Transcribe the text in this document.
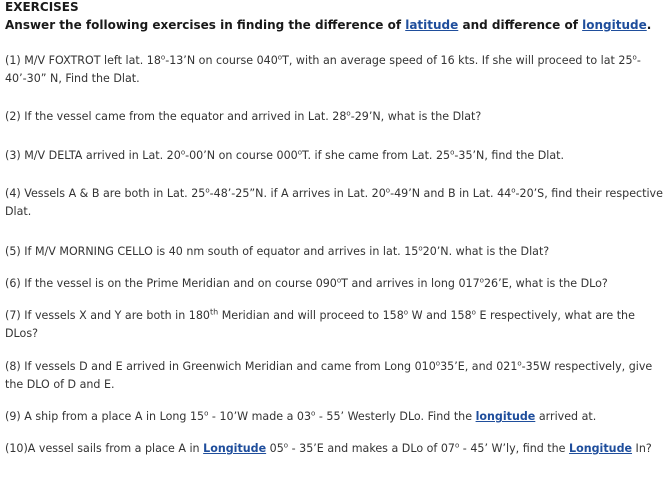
EXERCISES

Answer the following exercises in finding the difference of latitude and difference of longitude.

(1) M/V FOXTROT left lat. 18$^o$-13’N on course 040$^o$T, with an average speed of 16 kts. If she will proceed to lat 25$^o$-40’-30” N, Find the Dlat.

(2) If the vessel came from the equator and arrived in Lat. 28$^o$-29’N, what is the Dlat?

(3) M/V DELTA arrived in Lat. 20$^o$-00’N on course 000$^o$T. if she came from Lat. 25$^o$-35’N, find the Dlat.

(4) Vessels A & B are both in Lat. 25$^o$-48’-25”N. if A arrives in Lat. 20$^o$-49’N and B in Lat. 44$^o$-20’S, find their respective Dlat.

(5) If M/V MORNING CELLO is 40 nm south of equator and arrives in lat. 15$^o$20’N. what is the Dlat?

(6) If the vessel is on the Prime Meridian and on course 090$^o$T and arrives in long 017$^o$26’E, what is the DLo?

(7) If vessels X and Y are both in 180th Meridian and will proceed to 158$^o$ W and 158$^o$ E respectively, what are the DLos?

(8) If vessels D and E arrived in Greenwich Meridian and came from Long 010$^o$35’E, and 021$^o$-35W respectively, give the DLO of D and E.

(9) A ship from a place A in Long 15$^o$ - 10’W made a 03$^o$ - 55’ Westerly DLo. Find the longitude arrived at.

(10)A vessel sails from a place A in Longitude 05$^o$ - 35’E and makes a DLo of 07$^o$ - 45’ W’ly, find the Longitude In?
